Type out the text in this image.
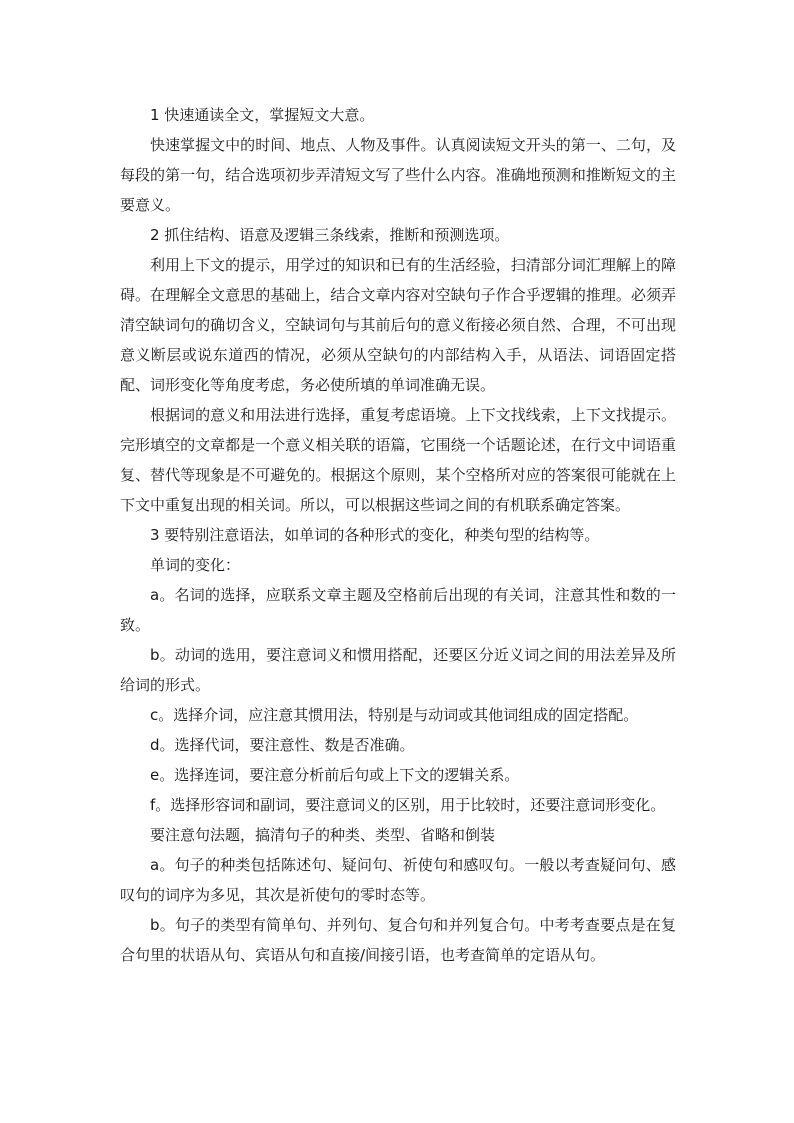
1 快速通读全文，掌握短文大意。

快速掌握文中的时间、地点、人物及事件。认真阅读短文开头的第一、二句，及每段的第一句，结合选项初步弄清短文写了些什么内容。准确地预测和推断短文的主要意义。

2 抓住结构、语意及逻辑三条线索，推断和预测选项。

利用上下文的提示，用学过的知识和已有的生活经验，扫清部分词汇理解上的障碍。在理解全文意思的基础上，结合文章内容对空缺句子作合乎逻辑的推理。必须弄清空缺词句的确切含义，空缺词句与其前后句的意义衔接必须自然、合理，不可出现意义断层或说东道西的情况，必须从空缺句的内部结构入手，从语法、词语固定搭配、词形变化等角度考虑，务必使所填的单词准确无误。

根据词的意义和用法进行选择，重复考虑语境。上下文找线索，上下文找提示。完形填空的文章都是一个意义相关联的语篇，它围绕一个话题论述，在行文中词语重复、替代等现象是不可避免的。根据这个原则，某个空格所对应的答案很可能就在上下文中重复出现的相关词。所以，可以根据这些词之间的有机联系确定答案。

3 要特别注意语法，如单词的各种形式的变化，种类句型的结构等。

单词的变化：

a。名词的选择，应联系文章主题及空格前后出现的有关词，注意其性和数的一致。

b。动词的选用，要注意词义和惯用搭配，还要区分近义词之间的用法差异及所给词的形式。

c。选择介词，应注意其惯用法，特别是与动词或其他词组成的固定搭配。

d。选择代词，要注意性、数是否准确。

e。选择连词，要注意分析前后句或上下文的逻辑关系。

f。选择形容词和副词，要注意词义的区别，用于比较时，还要注意词形变化。

要注意句法题，搞清句子的种类、类型、省略和倒装

a。句子的种类包括陈述句、疑问句、祈使句和感叹句。一般以考查疑问句、感叹句的词序为多见，其次是祈使句的零时态等。

b。句子的类型有简单句、并列句、复合句和并列复合句。中考考查要点是在复合句里的状语从句、宾语从句和直接/间接引语，也考查简单的定语从句。
